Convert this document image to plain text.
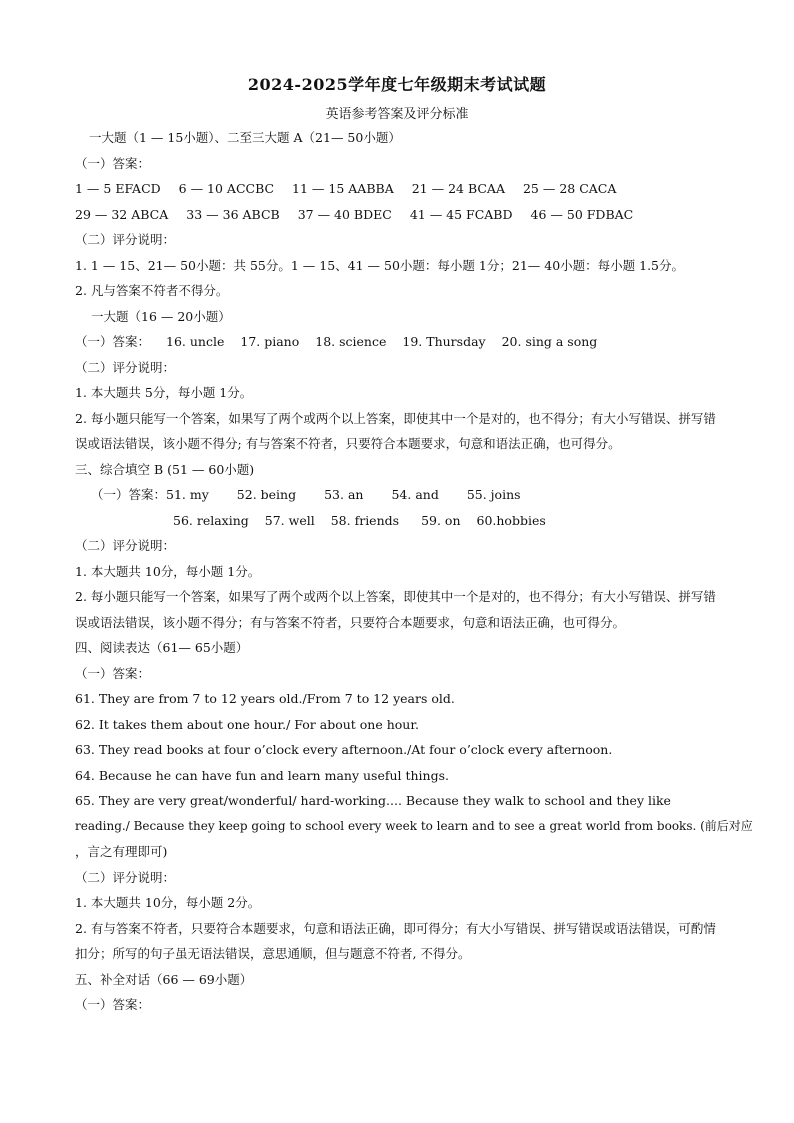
2024-2025学年度七年级期末考试试题
英语参考答案及评分标准
一大题（1 — 15小题）、二至三大题 A（21— 50小题）
（一）答案：
1 — 5 EFACD 6 — 10 ACCBC 11 — 15 AABBA 21 — 24 BCAA 25 — 28 CACA
29 — 32 ABCA 33 — 36 ABCB 37 — 40 BDEC 41 — 45 FCABD 46 — 50 FDBAC
（二）评分说明：
1. 1 — 15、21— 50小题：共 55分。1 — 15、41 — 50小题：每小题 1分；21— 40小题：每小题 1.5分。
2. 凡与答案不符者不得分。
一大题（16 — 20小题）
（一）答案： 16. uncle 17. piano 18. science 19. Thursday 20. sing a song
（二）评分说明：
1. 本大题共 5分，每小题 1分。
2. 每小题只能写一个答案，如果写了两个或两个以上答案，即使其中一个是对的，也不得分；有大小写错误、拼写错误或语法错误，该小题不得分; 有与答案不符者，只要符合本题要求，句意和语法正确，也可得分。
三、综合填空 B (51 — 60小题)
（一）答案：51. my 52. being 53. an 54. and 55. joins
56. relaxing 57. well 58. friends 59. on 60.hobbies
（二）评分说明：
1. 本大题共 10分，每小题 1分。
2. 每小题只能写一个答案，如果写了两个或两个以上答案，即使其中一个是对的，也不得分；有大小写错误、拼写错误或语法错误，该小题不得分；有与答案不符者，只要符合本题要求，句意和语法正确，也可得分。
四、阅读表达（61— 65小题）
（一）答案：
61. They are from 7 to 12 years old./From 7 to 12 years old.
62. It takes them about one hour./ For about one hour.
63. They read books at four o’clock every afternoon./At four o’clock every afternoon.
64. Because he can have fun and learn many useful things.
65. They are very great/wonderful/ hard-working.... Because they walk to school and they like
reading./ Because they keep going to school every week to learn and to see a great world from books. (前后对应
，言之有理即可)
（二）评分说明：
1. 本大题共 10分，每小题 2分。
2. 有与答案不符者，只要符合本题要求，句意和语法正确，即可得分；有大小写错误、拼写错误或语法错误，可酌情扣分；所写的句子虽无语法错误，意思通顺，但与题意不符者, 不得分。
五、补全对话（66 — 69小题）
（一）答案：
